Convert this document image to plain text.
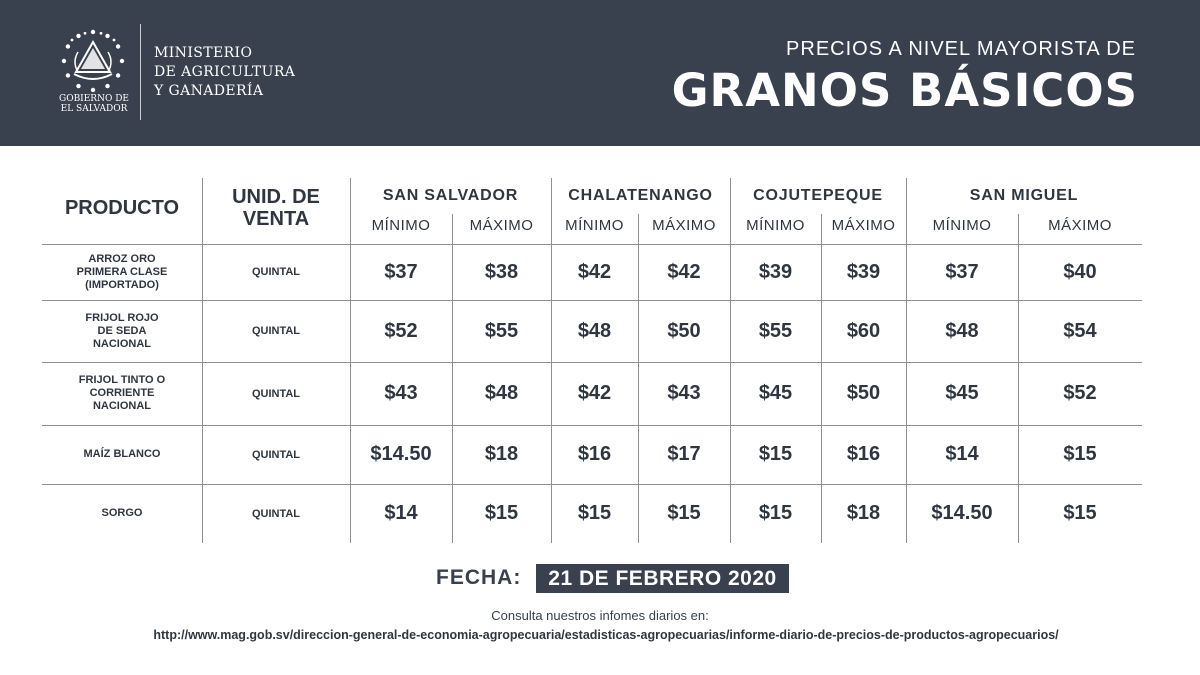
GOBIERNO DE
EL SALVADOR
MINISTERIO
DE AGRICULTURA
Y GANADERÍA
PRECIOS A NIVEL MAYORISTA DE
GRANOS BÁSICOS
PRODUCTO	UNID. DE
VENTA
SAN SALVADOR
MÍNIMO	MÁXIMO
CHALATENANGO
MÍNIMO	MÁXIMO
COJUTEPEQUE
MÍNIMO	MÁXIMO
SAN MIGUEL
MÍNIMO	MÁXIMO
ARROZ ORO
PRIMERA CLASE
(IMPORTADO)
QUINTAL	$37	$38	$42	$42	$39	$39	$37	$40
FRIJOL ROJO
DE SEDA
NACIONAL
QUINTAL	$52	$55	$48	$50	$55	$60	$48	$54
FRIJOL TINTO O
CORRIENTE
NACIONAL
QUINTAL	$43	$48	$42	$43	$45	$50	$45	$52
MAÍZ BLANCO	QUINTAL	$14.50	$18	$16	$17	$15	$16	$14	$15
SORGO	QUINTAL	$14	$15	$15	$15	$15	$18	$14.50	$15
FECHA:	21 DE FEBRERO 2020
Consulta nuestros infomes diarios en:
http://www.mag.gob.sv/direccion-general-de-economia-agropecuaria/estadisticas-agropecuarias/informe-diario-de-precios-de-productos-agropecuarios/
